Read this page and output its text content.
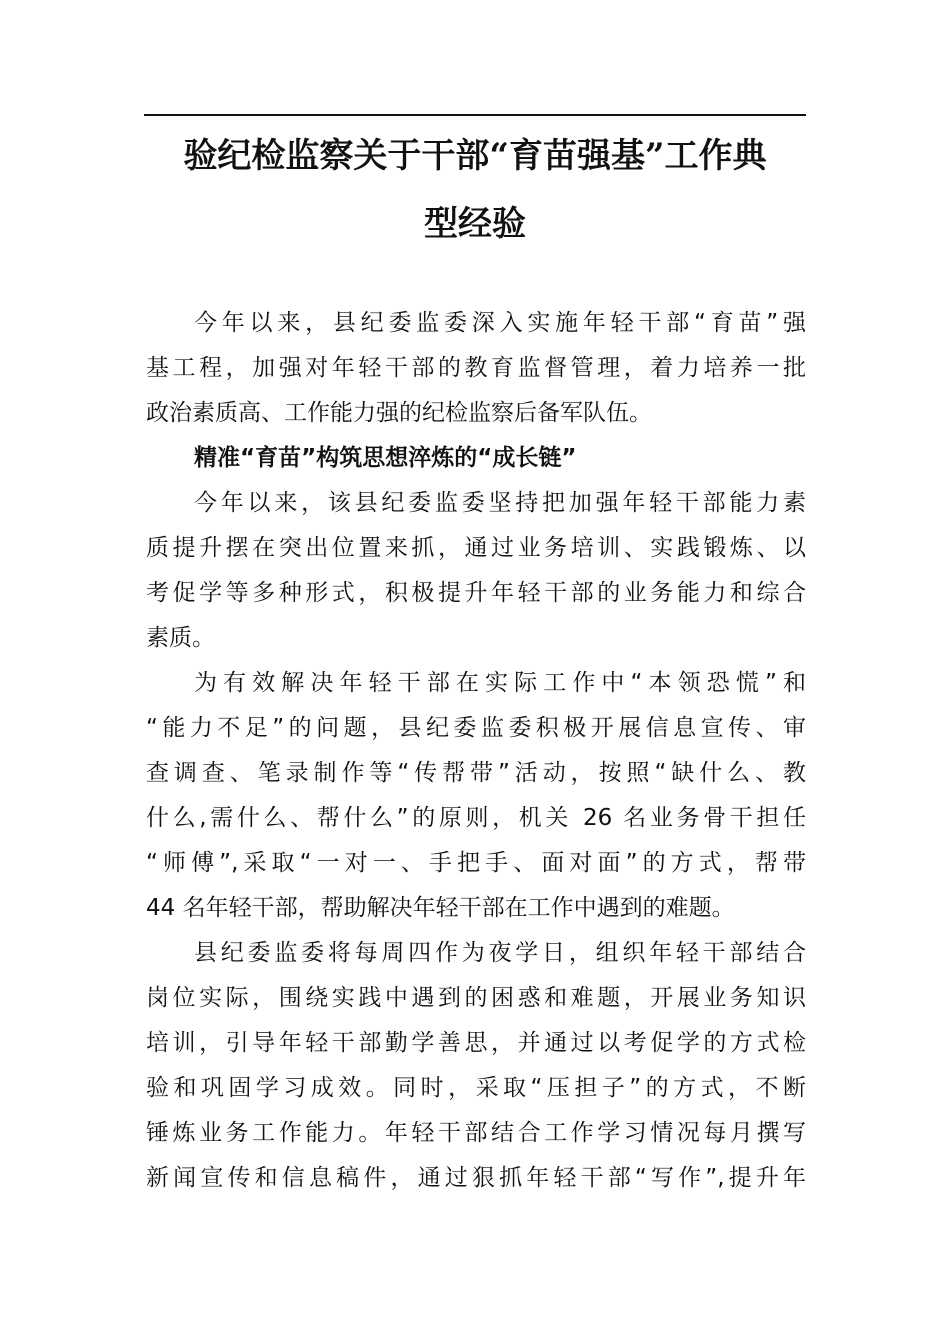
验纪检监察关于干部“育苗强基”工作典
型经验
今年以来，县纪委监委深入实施年轻干部“育苗”强
基工程，加强对年轻干部的教育监督管理，着力培养一批
政治素质高、工作能力强的纪检监察后备军队伍。
精准“育苗”构筑思想淬炼的“成长链”
今年以来，该县纪委监委坚持把加强年轻干部能力素
质提升摆在突出位置来抓，通过业务培训、实践锻炼、以
考促学等多种形式，积极提升年轻干部的业务能力和综合
素质。
为有效解决年轻干部在实际工作中“本领恐慌”和
“能力不足”的问题，县纪委监委积极开展信息宣传、审
查调查、笔录制作等“传帮带”活动，按照“缺什么、教
什么,需什么、帮什么”的原则，机关 26 名业务骨干担任
“师傅”,采取“一对一、手把手、面对面”的方式，帮带
44 名年轻干部，帮助解决年轻干部在工作中遇到的难题。
县纪委监委将每周四作为夜学日，组织年轻干部结合
岗位实际，围绕实践中遇到的困惑和难题，开展业务知识
培训，引导年轻干部勤学善思，并通过以考促学的方式检
验和巩固学习成效。同时，采取“压担子”的方式，不断
锤炼业务工作能力。年轻干部结合工作学习情况每月撰写
新闻宣传和信息稿件，通过狠抓年轻干部“写作”,提升年
